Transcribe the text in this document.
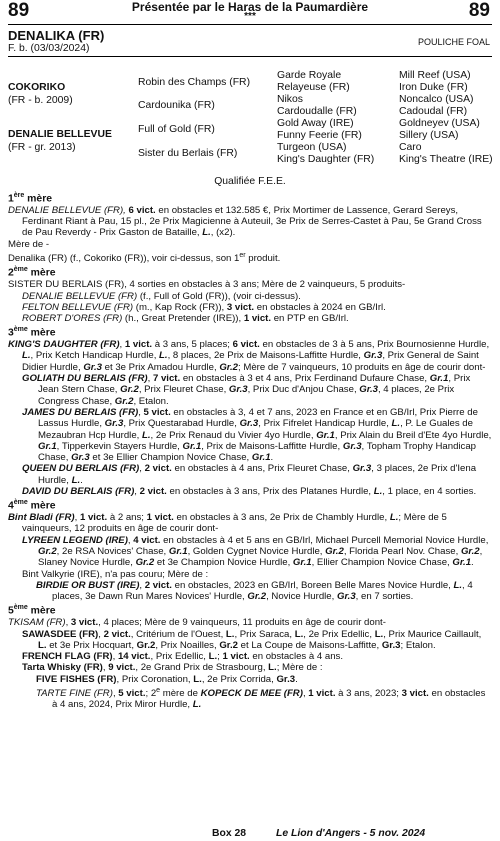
89	89
Présentée par le Haras de la Paumardière
***
DENALIKA (FR)
F. b. (03/03/2024)
POULICHE FOAL
COKORIKO
(FR - b. 2009)
DENALIE BELLEVUE
(FR - gr. 2013)
Robin des Champs (FR)
Cardounika (FR)
Full of Gold (FR)
Sister du Berlais (FR)
Garde Royale
Relayeuse (FR)
Nikos
Cardoudalle (FR)
Gold Away (IRE)
Funny Feerie (FR)
Turgeon (USA)
King's Daughter (FR)
Mill Reef (USA)
Iron Duke (FR)
Noncalco (USA)
Cadoudal (FR)
Goldneyev (USA)
Sillery (USA)
Caro
King's Theatre (IRE)
Qualifiée F.E.E.

1ère mère

DENALIE BELLEVUE (FR), 6 vict. en obstacles et 132.585 €, Prix Mortimer de Lassence, Gerard Sereys, Ferdinant Riant à Pau, 15 pl., 2e Prix Magicienne à Auteuil, 3e Prix de Serres-Castet à Pau, 5e Grand Cross de Pau Reverdy - Prix Gaston de Bataille, L., (x2).

Mère de -

Denalika (FR) (f., Cokoriko (FR)), voir ci-dessus, son 1er produit.

2ème mère

SISTER DU BERLAIS (FR), 4 sorties en obstacles à 3 ans; Mère de 2 vainqueurs, 5 produits-

DENALIE BELLEVUE (FR) (f., Full of Gold (FR)), (voir ci-dessus).

FELTON BELLEVUE (FR) (m., Kap Rock (FR)), 3 vict. en obstacles à 2024 en GB/Irl.

ROBERT D'ORES (FR) (h., Great Pretender (IRE)), 1 vict. en PTP en GB/Irl.

3ème mère

KING'S DAUGHTER (FR), 1 vict. à 3 ans, 5 places; 6 vict. en obstacles de 3 à 5 ans, Prix Bournosienne Hurdle, L., Prix Ketch Handicap Hurdle, L., 8 places, 2e Prix de Maisons-Laffitte Hurdle, Gr.3, Prix General de Saint Didier Hurdle, Gr.3 et 3e Prix Amadou Hurdle, Gr.2; Mère de 7 vainqueurs, 10 produits en âge de courir dont-

GOLIATH DU BERLAIS (FR), 7 vict. en obstacles à 3 et 4 ans, Prix Ferdinand Dufaure Chase, Gr.1, Prix Jean Stern Chase, Gr.2, Prix Fleuret Chase, Gr.3, Prix Duc d'Anjou Chase, Gr.3, 4 places, 2e Prix Congress Chase, Gr.2, Etalon.

JAMES DU BERLAIS (FR), 5 vict. en obstacles à 3, 4 et 7 ans, 2023 en France et en GB/Irl, Prix Pierre de Lassus Hurdle, Gr.3, Prix Questarabad Hurdle, Gr.3, Prix Fifrelet Handicap Hurdle, L., P. Le Guales de Mezaubran Hcp Hurdle, L., 2e Prix Renaud du Vivier 4yo Hurdle, Gr.1, Prix Alain du Breil d'Ete 4yo Hurdle, Gr.1, Tipperkevin Stayers Hurdle, Gr.1, Prix de Maisons-Laffitte Hurdle, Gr.3, Topham Trophy Handicap Chase, Gr.3 et 3e Ellier Champion Novice Chase, Gr.1.

QUEEN DU BERLAIS (FR), 2 vict. en obstacles à 4 ans, Prix Fleuret Chase, Gr.3, 3 places, 2e Prix d'Iena Hurdle, L..

DAVID DU BERLAIS (FR), 2 vict. en obstacles à 3 ans, Prix des Platanes Hurdle, L., 1 place, en 4 sorties.

4ème mère

Bint Bladi (FR), 1 vict. à 2 ans; 1 vict. en obstacles à 3 ans, 2e Prix de Chambly Hurdle, L.; Mère de 5 vainqueurs, 12 produits en âge de courir dont-

LYREEN LEGEND (IRE), 4 vict. en obstacles à 4 et 5 ans en GB/Irl, Michael Purcell Memorial Novice Hurdle, Gr.2, 2e RSA Novices' Chase, Gr.1, Golden Cygnet Novice Hurdle, Gr.2, Florida Pearl Nov. Chase, Gr.2, Slaney Novice Hurdle, Gr.2 et 3e Champion Novice Hurdle, Gr.1, Ellier Champion Novice Chase, Gr.1.

Bint Valkyrie (IRE), n'a pas couru; Mère de :

BIRDIE OR BUST (IRE), 2 vict. en obstacles, 2023 en GB/Irl, Boreen Belle Mares Novice Hurdle, L., 4 places, 3e Dawn Run Mares Novices' Hurdle, Gr.2, Novice Hurdle, Gr.3, en 7 sorties.

5ème mère

TKISAM (FR), 3 vict., 4 places; Mère de 9 vainqueurs, 11 produits en âge de courir dont-

SAWASDEE (FR), 2 vict., Critérium de l'Ouest, L., Prix Saraca, L., 2e Prix Edellic, L., Prix Maurice Caillault, L. et 3e Prix Hocquart, Gr.2, Prix Noailles, Gr.2 et La Coupe de Maisons-Laffitte, Gr.3; Etalon.

FRENCH FLAG (FR), 14 vict., Prix Edellic, L.; 1 vict. en obstacles à 4 ans.

Tarta Whisky (FR), 9 vict., 2e Grand Prix de Strasbourg, L.; Mère de :

FIVE FISHES (FR), Prix Coronation, L., 2e Prix Corrida, Gr.3.

TARTE FINE (FR), 5 vict.; 2e mère de KOPECK DE MEE (FR), 1 vict. à 3 ans, 2023; 3 vict. en obstacles à 4 ans, 2024, Prix Miror Hurdle, L.

Box 28	Le Lion d'Angers - 5 nov. 2024
